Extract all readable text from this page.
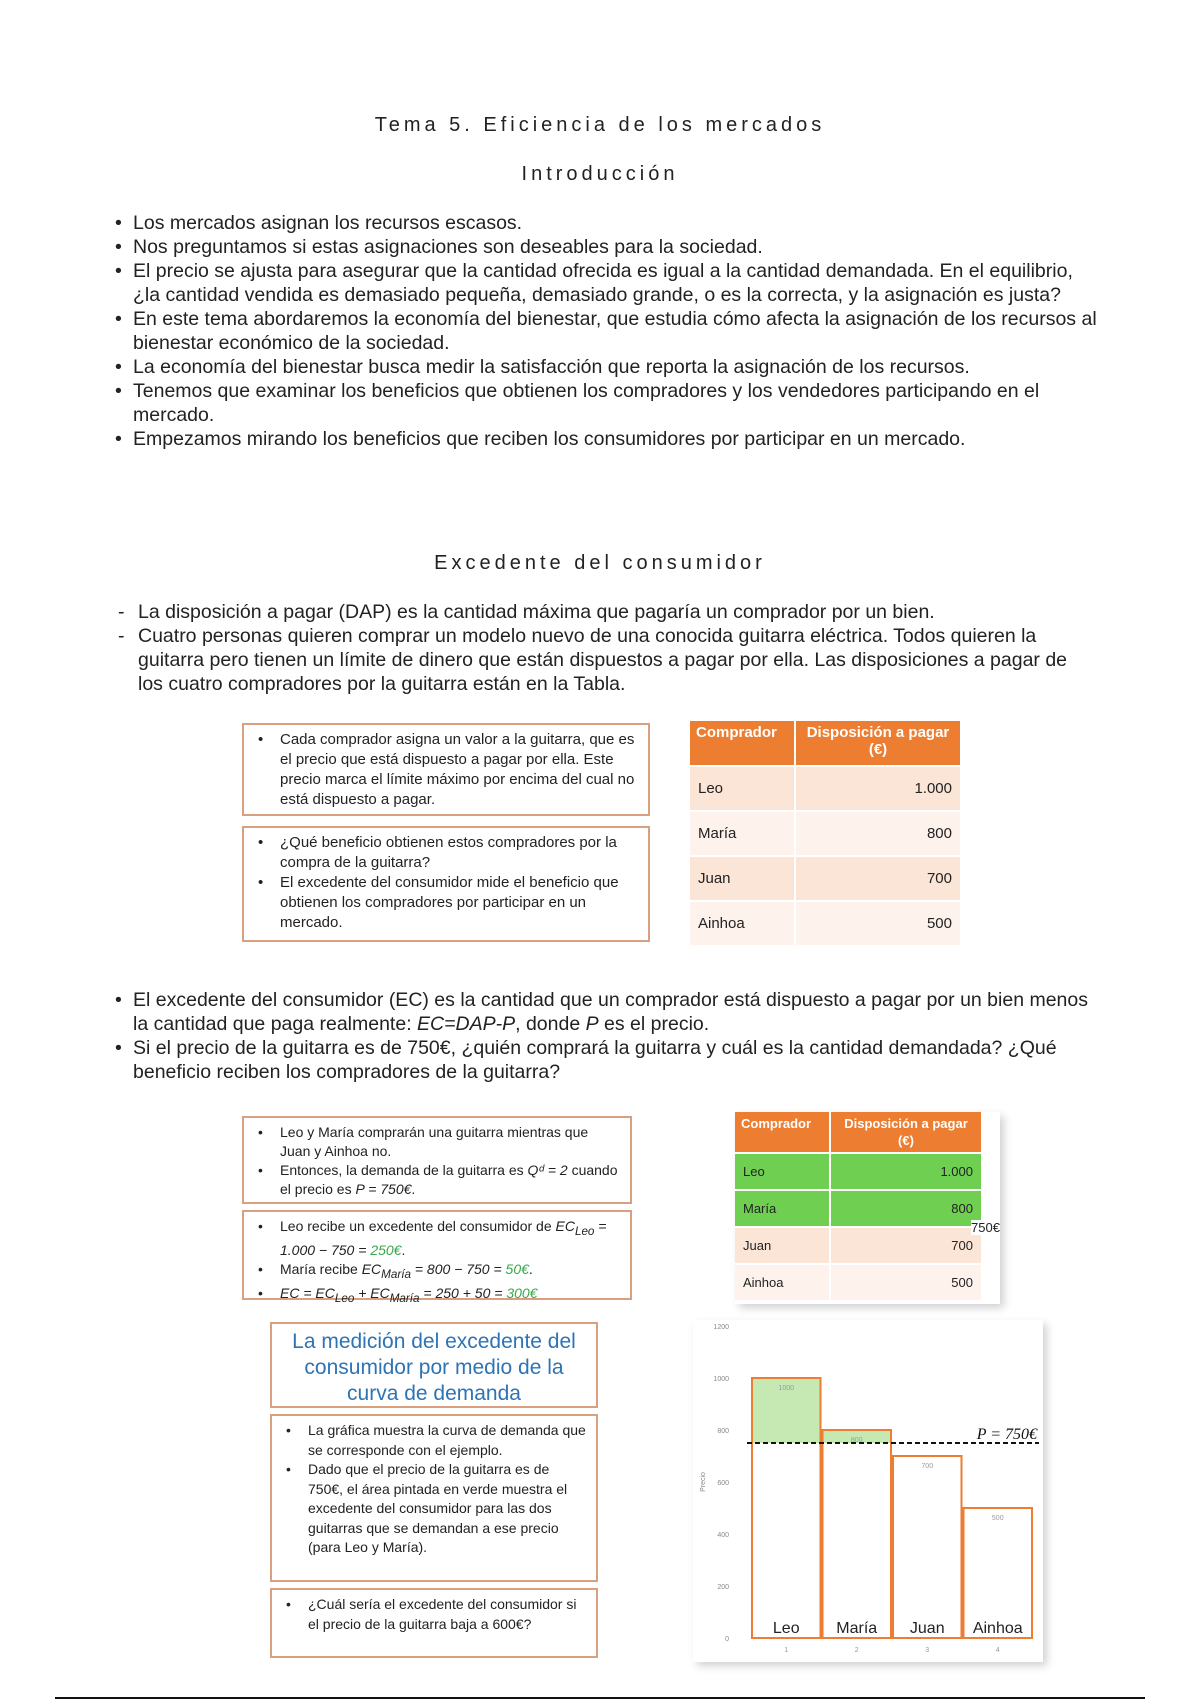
Tema 5. Eficiencia de los mercados
Introducción
• Los mercados asignan los recursos escasos.
• Nos preguntamos si estas asignaciones son deseables para la sociedad.
• El precio se ajusta para asegurar que la cantidad ofrecida es igual a la cantidad demandada. En el equilibrio, ¿la cantidad vendida es demasiado pequeña, demasiado grande, o es la correcta, y la asignación es justa?
• En este tema abordaremos la economía del bienestar, que estudia cómo afecta la asignación de los recursos al bienestar económico de la sociedad.
• La economía del bienestar busca medir la satisfacción que reporta la asignación de los recursos.
• Tenemos que examinar los beneficios que obtienen los compradores y los vendedores participando en el mercado.
• Empezamos mirando los beneficios que reciben los consumidores por participar en un mercado.
Excedente del consumidor
- La disposición a pagar (DAP) es la cantidad máxima que pagaría un comprador por un bien.
- Cuatro personas quieren comprar un modelo nuevo de una conocida guitarra eléctrica. Todos quieren la guitarra pero tienen un límite de dinero que están dispuestos a pagar por ella. Las disposiciones a pagar de los cuatro compradores por la guitarra están en la Tabla.
• Cada comprador asigna un valor a la guitarra, que es el precio que está dispuesto a pagar por ella. Este precio marca el límite máximo por encima del cual no está dispuesto a pagar.
• ¿Qué beneficio obtienen estos compradores por la compra de la guitarra?
• El excedente del consumidor mide el beneficio que obtienen los compradores por participar en un mercado.
Comprador	Disposición a pagar (€)
Leo	1.000
María	800
Juan	700
Ainhoa	500
• El excedente del consumidor (EC) es la cantidad que un comprador está dispuesto a pagar por un bien menos la cantidad que paga realmente: EC=DAP-P, donde P es el precio.
• Si el precio de la guitarra es de 750€, ¿quién comprará la guitarra y cuál es la cantidad demandada? ¿Qué beneficio reciben los compradores de la guitarra?
• Leo y María comprarán una guitarra mientras que Juan y Ainhoa no.
• Entonces, la demanda de la guitarra es Qᵈ = 2 cuando el precio es P = 750€.
• Leo recibe un excedente del consumidor de $EC_{Leo} = 1.000 - 750$ = 250€.
• María recibe $EC_{María} = 800 - 750$ = 50€.
• EC = $EC_{Leo} + EC_{María} = 250 + 50$ = 300€
Comprador	Disposición a pagar (€)
Leo	1.000
María	800
Juan	700
Ainhoa	500
750€
La medición del excedente del consumidor por medio de la curva de demanda
• La gráfica muestra la curva de demanda que se corresponde con el ejemplo.
• Dado que el precio de la guitarra es de 750€, el área pintada en verde muestra el excedente del consumidor para las dos guitarras que se demandan a ese precio (para Leo y María).
• ¿Cuál sería el excedente del consumidor si el precio de la guitarra baja a 600€?
0
200
400
600
800
1000
1200
Precio
1000
Leo
1
800
María
2
700
Juan
3
500
Ainhoa
4
P = 750€
